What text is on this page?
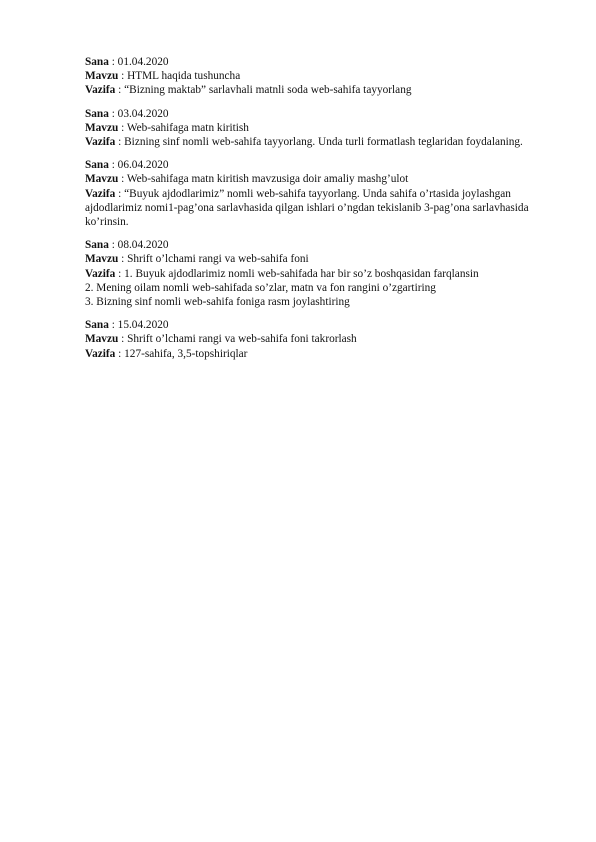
Sana : 01.04.2020
Mavzu : HTML haqida tushuncha
Vazifa : “Bizning maktab” sarlavhali matnli soda web-sahifa tayyorlang
Sana : 03.04.2020
Mavzu : Web-sahifaga matn kiritish
Vazifa : Bizning sinf nomli web-sahifa tayyorlang. Unda turli formatlash teglaridan foydalaning.
Sana : 06.04.2020
Mavzu : Web-sahifaga matn kiritish mavzusiga doir amaliy mashg’ulot
Vazifa : “Buyuk ajdodlarimiz” nomli web-sahifa tayyorlang. Unda sahifa o’rtasida joylashgan ajdodlarimiz nomi1-pag’ona sarlavhasida qilgan ishlari o’ngdan tekislanib 3-pag’ona sarlavhasida ko’rinsin.
Sana : 08.04.2020
Mavzu : Shrift o’lchami rangi va web-sahifa foni
Vazifa : 1. Buyuk ajdodlarimiz nomli web-sahifada har bir so’z boshqasidan farqlansin
2. Mening oilam nomli web-sahifada so’zlar, matn va fon rangini o’zgartiring
3. Bizning sinf nomli web-sahifa foniga rasm joylashtiring
Sana : 15.04.2020
Mavzu : Shrift o’lchami rangi va web-sahifa foni takrorlash
Vazifa : 127-sahifa, 3,5-topshiriqlar
